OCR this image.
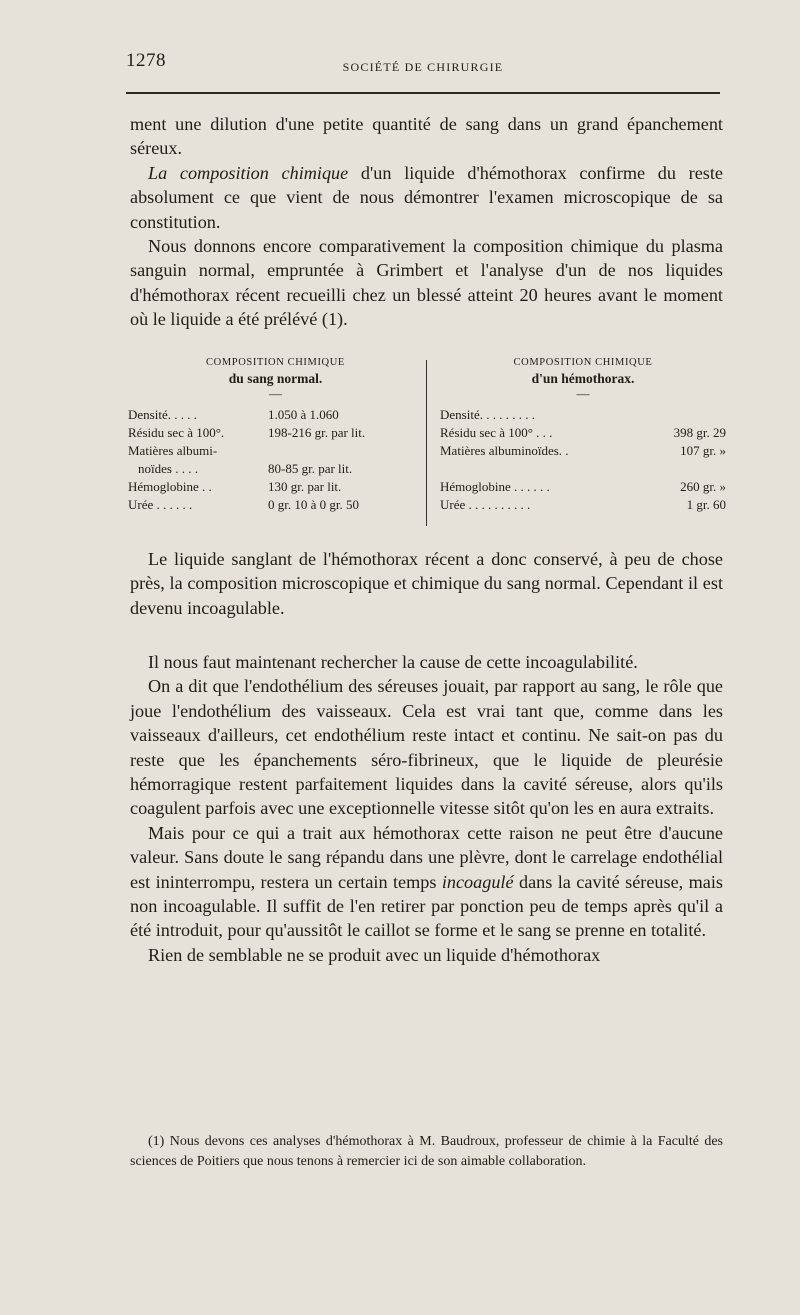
1278	SOCIÉTÉ DE CHIRURGIE

ment une dilution d'une petite quantité de sang dans un grand épanchement séreux.

La composition chimique d'un liquide d'hémothorax confirme du reste absolument ce que vient de nous démontrer l'examen microscopique de sa constitution.

Nous donnons encore comparativement la composition chimique du plasma sanguin normal, empruntée à Grimbert et l'analyse d'un de nos liquides d'hémothorax récent recueilli chez un blessé atteint 20 heures avant le moment où le liquide a été prélévé (1).

COMPOSITION CHIMIQUE
du sang normal.
—
Densité. . . . .	1.050 à 1.060
Résidu sec à 100°.	198-216 gr. par lit.
Matières albumi-
noïdes . . . .	80-85 gr. par lit.
Hémoglobine . .	130 gr. par lit.
Urée . . . . . .	0 gr. 10 à 0 gr. 50
COMPOSITION CHIMIQUE
d'un hémothorax.
—
Densité. . . . . . . . .
Résidu sec à 100° . . .	398 gr. 29
Matières albuminoïdes. .	107 gr. »
Hémoglobine . . . . . .	260 gr. »
Urée . . . . . . . . . .	1 gr. 60

Le liquide sanglant de l'hémothorax récent a donc conservé, à peu de chose près, la composition microscopique et chimique du sang normal. Cependant il est devenu incoagulable.

Il nous faut maintenant rechercher la cause de cette incoagulabilité.

On a dit que l'endothélium des séreuses jouait, par rapport au sang, le rôle que joue l'endothélium des vaisseaux. Cela est vrai tant que, comme dans les vaisseaux d'ailleurs, cet endothélium reste intact et continu. Ne sait-on pas du reste que les épanchements séro-fibrineux, que le liquide de pleurésie hémorragique restent parfaitement liquides dans la cavité séreuse, alors qu'ils coagulent parfois avec une exceptionnelle vitesse sitôt qu'on les en aura extraits.

Mais pour ce qui a trait aux hémothorax cette raison ne peut être d'aucune valeur. Sans doute le sang répandu dans une plèvre, dont le carrelage endothélial est ininterrompu, restera un certain temps incoagulé dans la cavité séreuse, mais non incoagulable. Il suffit de l'en retirer par ponction peu de temps après qu'il a été introduit, pour qu'aussitôt le caillot se forme et le sang se prenne en totalité.

Rien de semblable ne se produit avec un liquide d'hémothorax

(1) Nous devons ces analyses d'hémothorax à M. Baudroux, professeur de chimie à la Faculté des sciences de Poitiers que nous tenons à remercier ici de son aimable collaboration.
